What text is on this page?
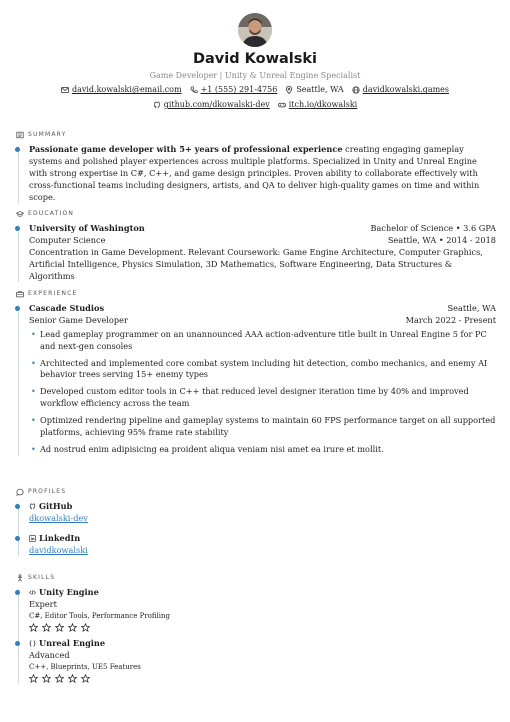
David Kowalski
Game Developer | Unity & Unreal Engine Specialist
david.kowalski@email.com +1 (555) 291-4756 Seattle, WA davidkowalski.games
github.com/dkowalski-dev itch.io/dkowalski
SUMMARY

Passionate game developer with 5+ years of professional experience creating engaging gameplay systems and polished player experiences across multiple platforms. Specialized in Unity and Unreal Engine with strong expertise in C#, C++, and game design principles. Proven ability to collaborate effectively with cross-functional teams including designers, artists, and QA to deliver high-quality games on time and within scope.

EDUCATION
University of Washington	Bachelor of Science • 3.6 GPA
Computer Science	Seattle, WA • 2014 - 2018

Concentration in Game Development. Relevant Coursework: Game Engine Architecture, Computer Graphics, Artificial Intelligence, Physics Simulation, 3D Mathematics, Software Engineering, Data Structures & Algorithms

EXPERIENCE
Cascade Studios	Seattle, WA
Senior Game Developer	March 2022 - Present
• Lead gameplay programmer on an unannounced AAA action-adventure title built in Unreal Engine 5 for PC and next-gen consoles
• Architected and implemented core combat system including hit detection, combo mechanics, and enemy AI behavior trees serving 15+ enemy types
• Developed custom editor tools in C++ that reduced level designer iteration time by 40% and improved workflow efficiency across the team
• Optimized rendering pipeline and gameplay systems to maintain 60 FPS performance target on all supported platforms, achieving 95% frame rate stability
• Ad nostrud enim adipisicing ea proident aliqua veniam nisi amet ea irure et mollit.
PROFILES
GitHub
dkowalski-dev
LinkedIn
davidkowalski
SKILLS
Unity Engine
Expert
C#, Editor Tools, Performance Profiling
Unreal Engine
Advanced
C++, Blueprints, UE5 Features
